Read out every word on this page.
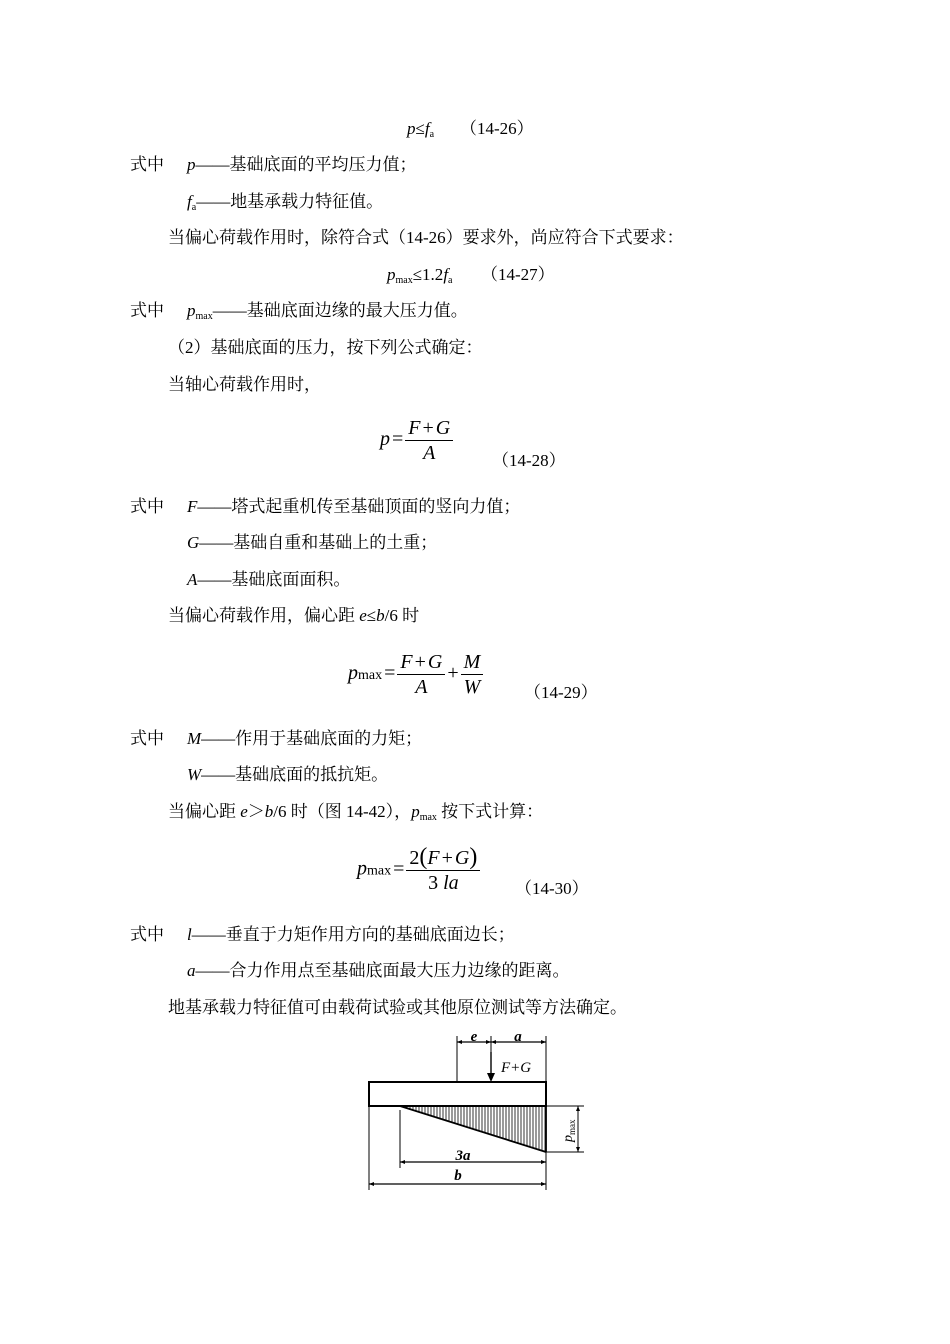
$p\le f_a$ （14-26）
式中 p——基础底面的平均压力值；
$f_a——$地基承载力特征值。
当偏心荷载作用时，除符合式（14-26）要求外，尚应符合下式要求：
$p_{max}\le 1.2f_a$ （14-27）
式中 $p_{max}——$基础底面边缘的最大压力值。
（2）基础底面的压力，按下列公式确定：
当轴心荷载作用时，
$p = \frac{F + G}{A} (14-28)$
式中 F——塔式起重机传至基础顶面的竖向力值；
G——基础自重和基础上的土重；
A——基础底面面积。
当偏心荷载作用，偏心距 e≤b/6 时
$pmax = \frac{F + G}{A} + \frac{M}{W} (14-29)$
式中 M——作用于基础底面的力矩；
W——基础底面的抵抗矩。
当偏心距 e＞b/6 时（图 14-42），$p_{max}$ 按下式计算：
$pmax = \frac{2(F + G)}{3 la} (14-30)$
式中 l——垂直于力矩作用方向的基础底面边长；
a——合力作用点至基础底面最大压力边缘的距离。
地基承载力特征值可由载荷试验或其他原位测试等方法确定。
e a
F+G
$p_{max}$
3a
b
